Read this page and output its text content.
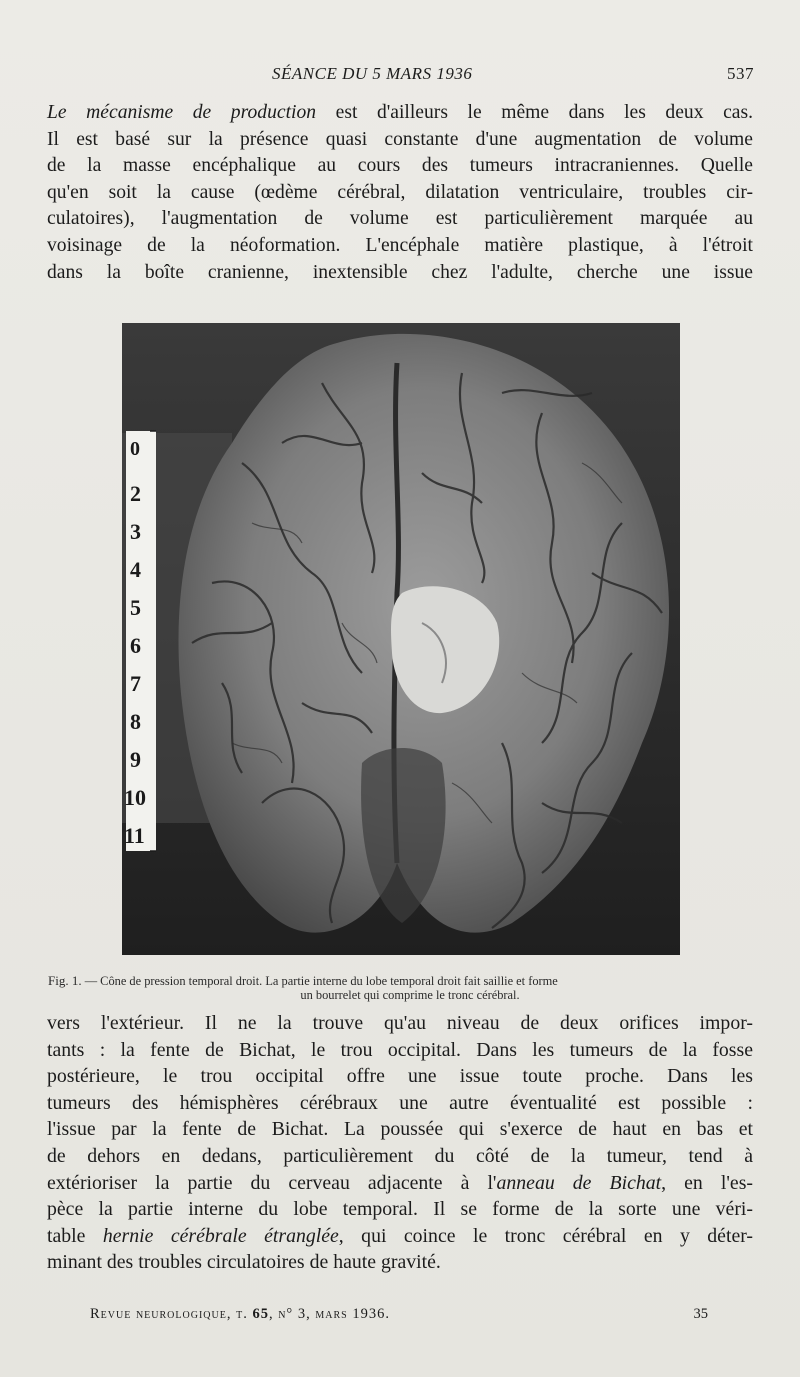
SÉANCE DU 5 MARS 1936	537
Le mécanisme de production est d'ailleurs le même dans les deux cas.
Il est basé sur la présence quasi constante d'une augmentation de volume
de la masse encéphalique au cours des tumeurs intracraniennes. Quelle
qu'en soit la cause (œdème cérébral, dilatation ventriculaire, troubles cir-
culatoires), l'augmentation de volume est particulièrement marquée au
voisinage de la néoformation. L'encéphale matière plastique, à l'étroit
dans la boîte cranienne, inextensible chez l'adulte, cherche une issue
0
2
3
4
5
6
7
8
9
10
11
Fig. 1. — Cône de pression temporal droit. La partie interne du lobe temporal droit fait saillie et forme
un bourrelet qui comprime le tronc cérébral.
vers l'extérieur. Il ne la trouve qu'au niveau de deux orifices impor-
tants : la fente de Bichat, le trou occipital. Dans les tumeurs de la fosse
postérieure, le trou occipital offre une issue toute proche. Dans les
tumeurs des hémisphères cérébraux une autre éventualité est possible :
l'issue par la fente de Bichat. La poussée qui s'exerce de haut en bas et
de dehors en dedans, particulièrement du côté de la tumeur, tend à
extérioriser la partie du cerveau adjacente à l'anneau de Bichat, en l'es-
pèce la partie interne du lobe temporal. Il se forme de la sorte une véri-
table hernie cérébrale étranglée, qui coince le tronc cérébral en y déter-
minant des troubles circulatoires de haute gravité.
Revue neurologique, t. 65, n° 3, mars 1936.	35
